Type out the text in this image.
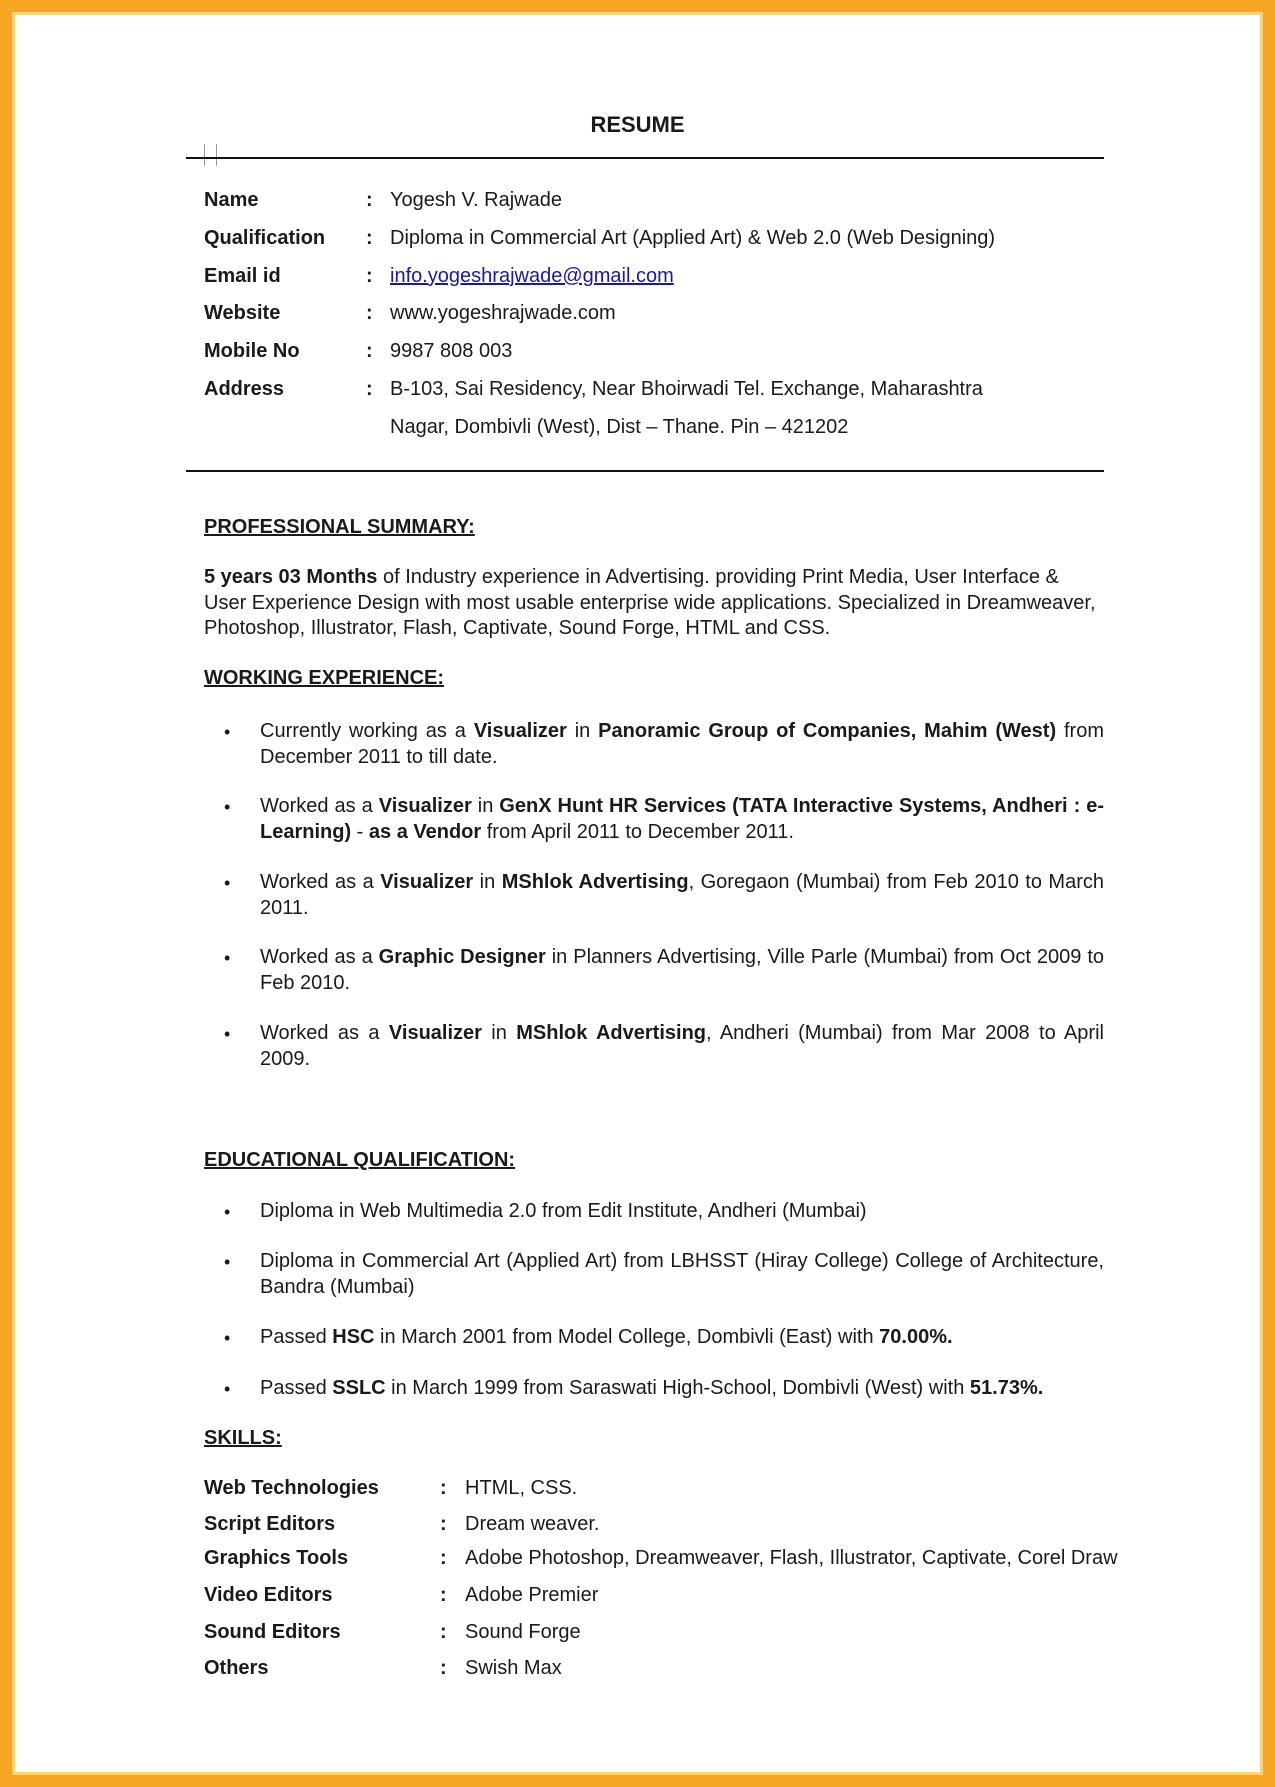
RESUME
Name	: Yogesh V. Rajwade
Qualification : Diploma in Commercial Art (Applied Art) & Web 2.0 (Web Designing)
Email id	: info.yogeshrajwade@gmail.com
Website	: www.yogeshrajwade.com
Mobile No	: 9987 808 003
Address	: B-103, Sai Residency, Near Bhoirwadi Tel. Exchange, Maharashtra
Nagar, Dombivli (West), Dist – Thane. Pin – 421202
PROFESSIONAL SUMMARY:
5 years 03 Months of Industry experience in Advertising. providing Print Media, User Interface & User Experience Design with most usable enterprise wide applications. Specialized in Dreamweaver, Photoshop, Illustrator, Flash, Captivate, Sound Forge, HTML and CSS.
WORKING EXPERIENCE:
• Currently working as a Visualizer in Panoramic Group of Companies, Mahim (West) from December 2011 to till date.
• Worked as a Visualizer in GenX Hunt HR Services (TATA Interactive Systems, Andheri : e-Learning) - as a Vendor from April 2011 to December 2011.
• Worked as a Visualizer in MShlok Advertising, Goregaon (Mumbai) from Feb 2010 to March 2011.
• Worked as a Graphic Designer in Planners Advertising, Ville Parle (Mumbai) from Oct 2009 to Feb 2010.
• Worked as a Visualizer in MShlok Advertising, Andheri (Mumbai) from Mar 2008 to April 2009.
EDUCATIONAL QUALIFICATION:
• Diploma in Web Multimedia 2.0 from Edit Institute, Andheri (Mumbai)
• Diploma in Commercial Art (Applied Art) from LBHSST (Hiray College) College of Architecture, Bandra (Mumbai)
• Passed HSC in March 2001 from Model College, Dombivli (East) with 70.00%.
• Passed SSLC in March 1999 from Saraswati High-School, Dombivli (West) with 51.73%.
SKILLS:
Web Technologies	: HTML, CSS.
Script Editors	: Dream weaver.
Graphics Tools	: Adobe Photoshop, Dreamweaver, Flash, Illustrator, Captivate, Corel Draw
Video Editors	: Adobe Premier
Sound Editors	: Sound Forge
Others	: Swish Max
